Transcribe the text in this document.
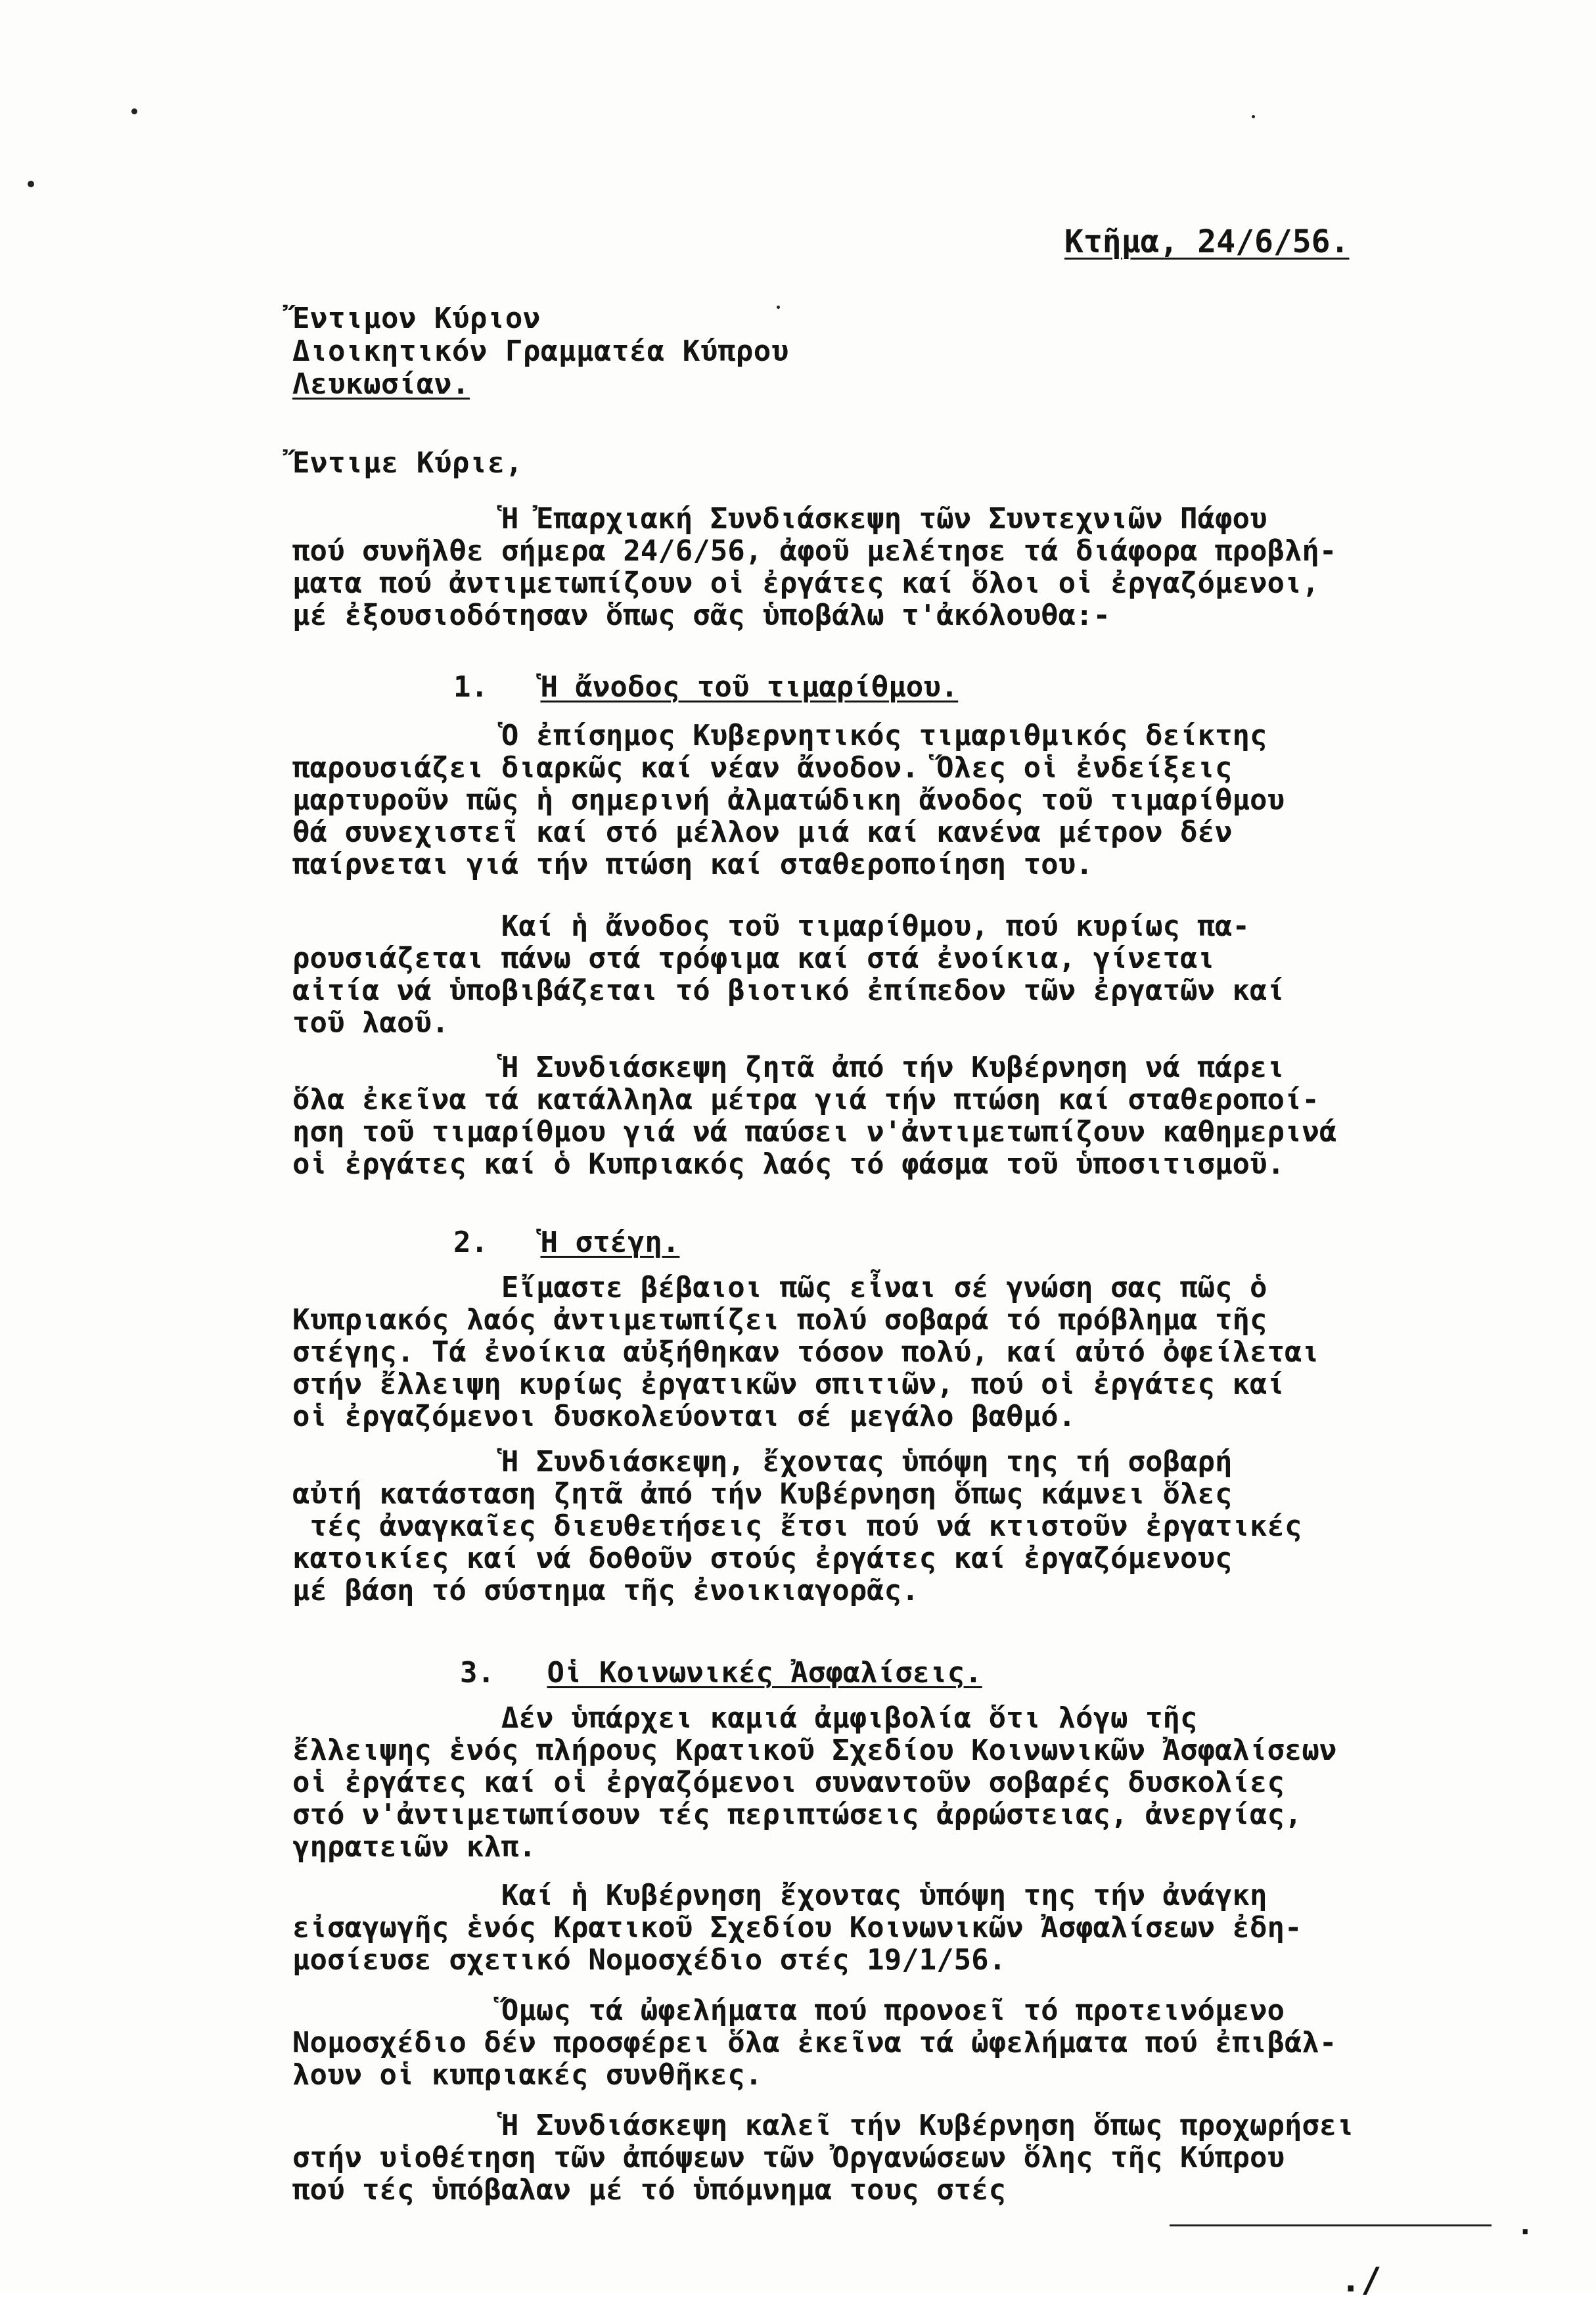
Κτῆμα, 24/6/56.
Ἔντιμον Κύριον
Διοικητικόν Γραμματέα Κύπρου
Λευκωσίαν.
Ἔντιμε Κύριε,
Ἡ Ἐπαρχιακή Συνδιάσκεψη τῶν Συντεχνιῶν Πάφου
πού συνῆλθε σήμερα 24/6/56, ἀφοῦ μελέτησε τά διάφορα προβλή-
ματα πού ἀντιμετωπίζουν οἱ ἐργάτες καί ὅλοι οἱ ἐργαζόμενοι,
μέ ἐξουσιοδότησαν ὅπως σᾶς ὑποβάλω τ'ἀκόλουθα:-
1. Ἡ ἄνοδος τοῦ τιμαρίθμου.
Ὁ ἐπίσημος Κυβερνητικός τιμαριθμικός δείκτης
παρουσιάζει διαρκῶς καί νέαν ἄνοδον. Ὅλες οἱ ἐνδείξεις
μαρτυροῦν πῶς ἡ σημερινή ἀλματώδικη ἄνοδος τοῦ τιμαρίθμου
θά συνεχιστεῖ καί στό μέλλον μιά καί κανένα μέτρον δέν
παίρνεται γιά τήν πτώση καί σταθεροποίηση του.
Καί ἡ ἄνοδος τοῦ τιμαρίθμου, πού κυρίως πα-
ρουσιάζεται πάνω στά τρόφιμα καί στά ἐνοίκια, γίνεται
αἰτία νά ὑποβιβάζεται τό βιοτικό ἐπίπεδον τῶν ἐργατῶν καί
τοῦ λαοῦ.
Ἡ Συνδιάσκεψη ζητᾶ ἀπό τήν Κυβέρνηση νά πάρει
ὅλα ἐκεῖνα τά κατάλληλα μέτρα γιά τήν πτώση καί σταθεροποί-
ηση τοῦ τιμαρίθμου γιά νά παύσει ν'ἀντιμετωπίζουν καθημερινά
οἱ ἐργάτες καί ὁ Κυπριακός λαός τό φάσμα τοῦ ὑποσιτισμοῦ.
2. Ἡ στέγη.
Εἴμαστε βέβαιοι πῶς εἶναι σέ γνώση σας πῶς ὁ
Κυπριακός λαός ἀντιμετωπίζει πολύ σοβαρά τό πρόβλημα τῆς
στέγης. Τά ἐνοίκια αὐξήθηκαν τόσον πολύ, καί αὐτό ὀφείλεται
στήν ἔλλειψη κυρίως ἐργατικῶν σπιτιῶν, πού οἱ ἐργάτες καί
οἱ ἐργαζόμενοι δυσκολεύονται σέ μεγάλο βαθμό.
Ἡ Συνδιάσκεψη, ἔχοντας ὑπόψη της τή σοβαρή
αὐτή κατάσταση ζητᾶ ἀπό τήν Κυβέρνηση ὅπως κάμνει ὅλες
τές ἀναγκαῖες διευθετήσεις ἔτσι πού νά κτιστοῦν ἐργατικές
κατοικίες καί νά δοθοῦν στούς ἐργάτες καί ἐργαζόμενους
μέ βάση τό σύστημα τῆς ἐνοικιαγορᾶς.
3. Οἱ Κοινωνικές Ἀσφαλίσεις.
Δέν ὑπάρχει καμιά ἀμφιβολία ὅτι λόγω τῆς
ἔλλειψης ἑνός πλήρους Κρατικοῦ Σχεδίου Κοινωνικῶν Ἀσφαλίσεων
οἱ ἐργάτες καί οἱ ἐργαζόμενοι συναντοῦν σοβαρές δυσκολίες
στό ν'ἀντιμετωπίσουν τές περιπτώσεις ἀρρώστειας, ἀνεργίας,
γηρατειῶν κλπ.
Καί ἡ Κυβέρνηση ἔχοντας ὑπόψη της τήν ἀνάγκη
εἰσαγωγῆς ἑνός Κρατικοῦ Σχεδίου Κοινωνικῶν Ἀσφαλίσεων ἐδη-
μοσίευσε σχετικό Νομοσχέδιο στές 19/1/56.
Ὅμως τά ὠφελήματα πού προνοεῖ τό προτεινόμενο
Νομοσχέδιο δέν προσφέρει ὅλα ἐκεῖνα τά ὠφελήματα πού ἐπιβάλ-
λουν οἱ κυπριακές συνθῆκες.
Ἡ Συνδιάσκεψη καλεῖ τήν Κυβέρνηση ὅπως προχωρήσει
στήν υἱοθέτηση τῶν ἀπόψεων τῶν Ὀργανώσεων ὅλης τῆς Κύπρου
πού τές ὑπόβαλαν μέ τό ὑπόμνημα τους στές
.
./
